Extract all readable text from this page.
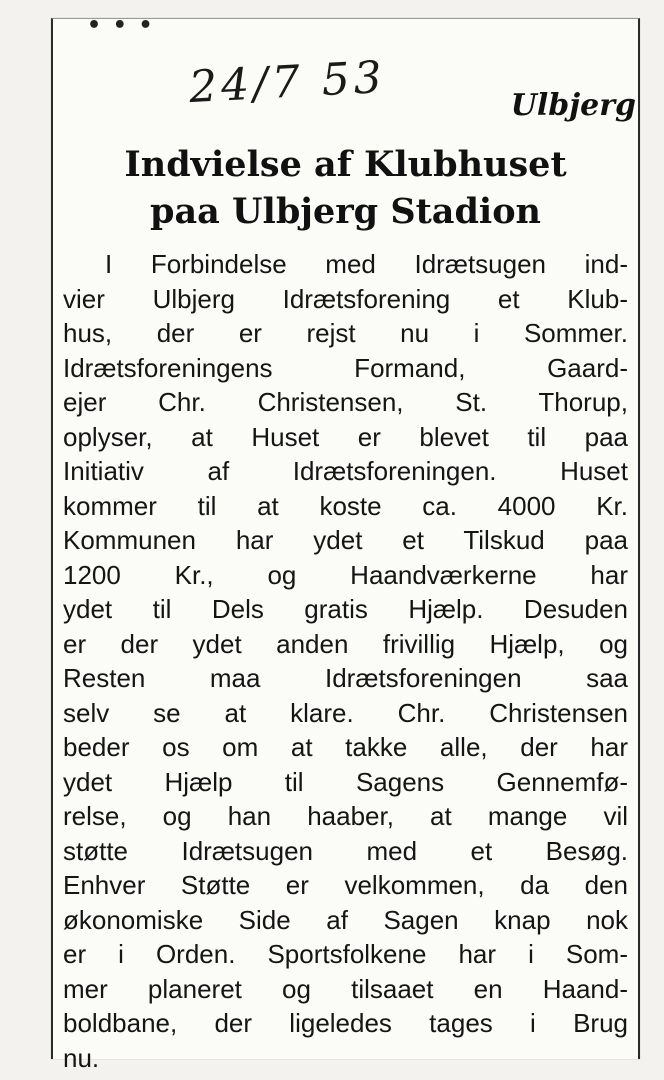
• • •
24/7 53	Ulbjerg
Indvielse af Klubhuset
paa Ulbjerg Stadion
I Forbindelse med Idrætsugen ind-
vier Ulbjerg Idrætsforening et Klub-
hus, der er rejst nu i Sommer.
Idrætsforeningens Formand, Gaard-
ejer Chr. Christensen, St. Thorup,
oplyser, at Huset er blevet til paa
Initiativ af Idrætsforeningen. Huset
kommer til at koste ca. 4000 Kr.
Kommunen har ydet et Tilskud paa
1200 Kr., og Haandværkerne har
ydet til Dels gratis Hjælp. Desuden
er der ydet anden frivillig Hjælp, og
Resten maa Idrætsforeningen saa
selv se at klare. Chr. Christensen
beder os om at takke alle, der har
ydet Hjælp til Sagens Gennemfø-
relse, og han haaber, at mange vil
støtte Idrætsugen med et Besøg.
Enhver Støtte er velkommen, da den
økonomiske Side af Sagen knap nok
er i Orden. Sportsfolkene har i Som-
mer planeret og tilsaaet en Haand-
boldbane, der ligeledes tages i Brug
nu.
